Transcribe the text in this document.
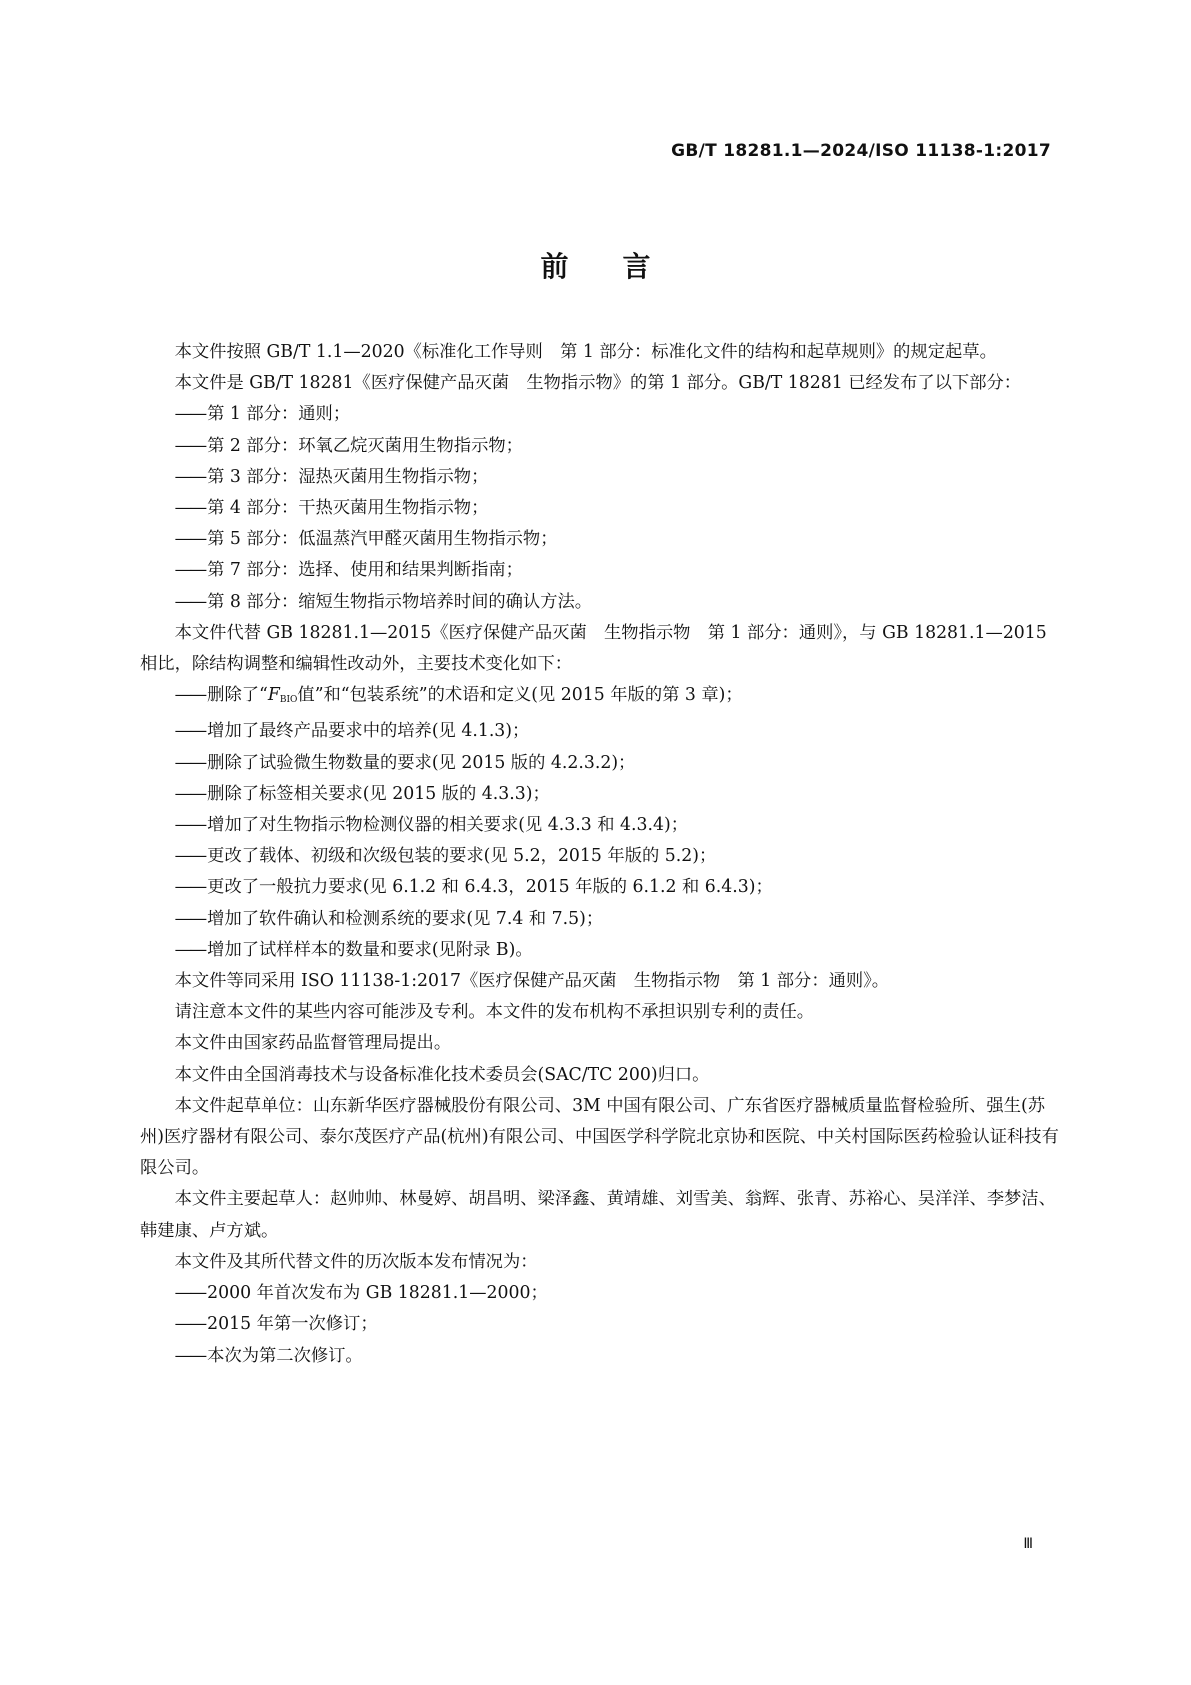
GB/T 18281.1—2024/ISO 11138-1:2017
前言

本文件按照 GB/T 1.1—2020《标准化工作导则　第 1 部分：标准化文件的结构和起草规则》的规定起草。

本文件是 GB/T 18281《医疗保健产品灭菌　生物指示物》的第 1 部分。GB/T 18281 已经发布了以下部分：

—— 第 1 部分：通则；
—— 第 2 部分：环氧乙烷灭菌用生物指示物；
—— 第 3 部分：湿热灭菌用生物指示物；
—— 第 4 部分：干热灭菌用生物指示物；
—— 第 5 部分：低温蒸汽甲醛灭菌用生物指示物；
—— 第 7 部分：选择、使用和结果判断指南；
—— 第 8 部分：缩短生物指示物培养时间的确认方法。

本文件代替 GB 18281.1—2015《医疗保健产品灭菌　生物指示物　第 1 部分：通则》，与 GB 18281.1—2015 相比，除结构调整和编辑性改动外，主要技术变化如下：

—— 删除了“$F_{BIO}$值”和“包装系统”的术语和定义(见 2015 年版的第 3 章)；
—— 增加了最终产品要求中的培养(见 4.1.3)；
—— 删除了试验微生物数量的要求(见 2015 版的 4.2.3.2)；
—— 删除了标签相关要求(见 2015 版的 4.3.3)；
—— 增加了对生物指示物检测仪器的相关要求(见 4.3.3 和 4.3.4)；
—— 更改了载体、初级和次级包装的要求(见 5.2，2015 年版的 5.2)；
—— 更改了一般抗力要求(见 6.1.2 和 6.4.3，2015 年版的 6.1.2 和 6.4.3)；
—— 增加了软件确认和检测系统的要求(见 7.4 和 7.5)；
—— 增加了试样样本的数量和要求(见附录 B)。

本文件等同采用 ISO 11138-1:2017《医疗保健产品灭菌　生物指示物　第 1 部分：通则》。

请注意本文件的某些内容可能涉及专利。本文件的发布机构不承担识别专利的责任。

本文件由国家药品监督管理局提出。

本文件由全国消毒技术与设备标准化技术委员会(SAC/TC 200)归口。

本文件起草单位：山东新华医疗器械股份有限公司、3M 中国有限公司、广东省医疗器械质量监督检验所、强生(苏州)医疗器材有限公司、泰尔茂医疗产品(杭州)有限公司、中国医学科学院北京协和医院、中关村国际医药检验认证科技有限公司。

本文件主要起草人：赵帅帅、林曼婷、胡昌明、梁泽鑫、黄靖雄、刘雪美、翁辉、张青、苏裕心、吴洋洋、李梦洁、韩建康、卢方斌。

本文件及其所代替文件的历次版本发布情况为：

—— 2000 年首次发布为 GB 18281.1—2000；
—— 2015 年第一次修订；
—— 本次为第二次修订。
Ⅲ
